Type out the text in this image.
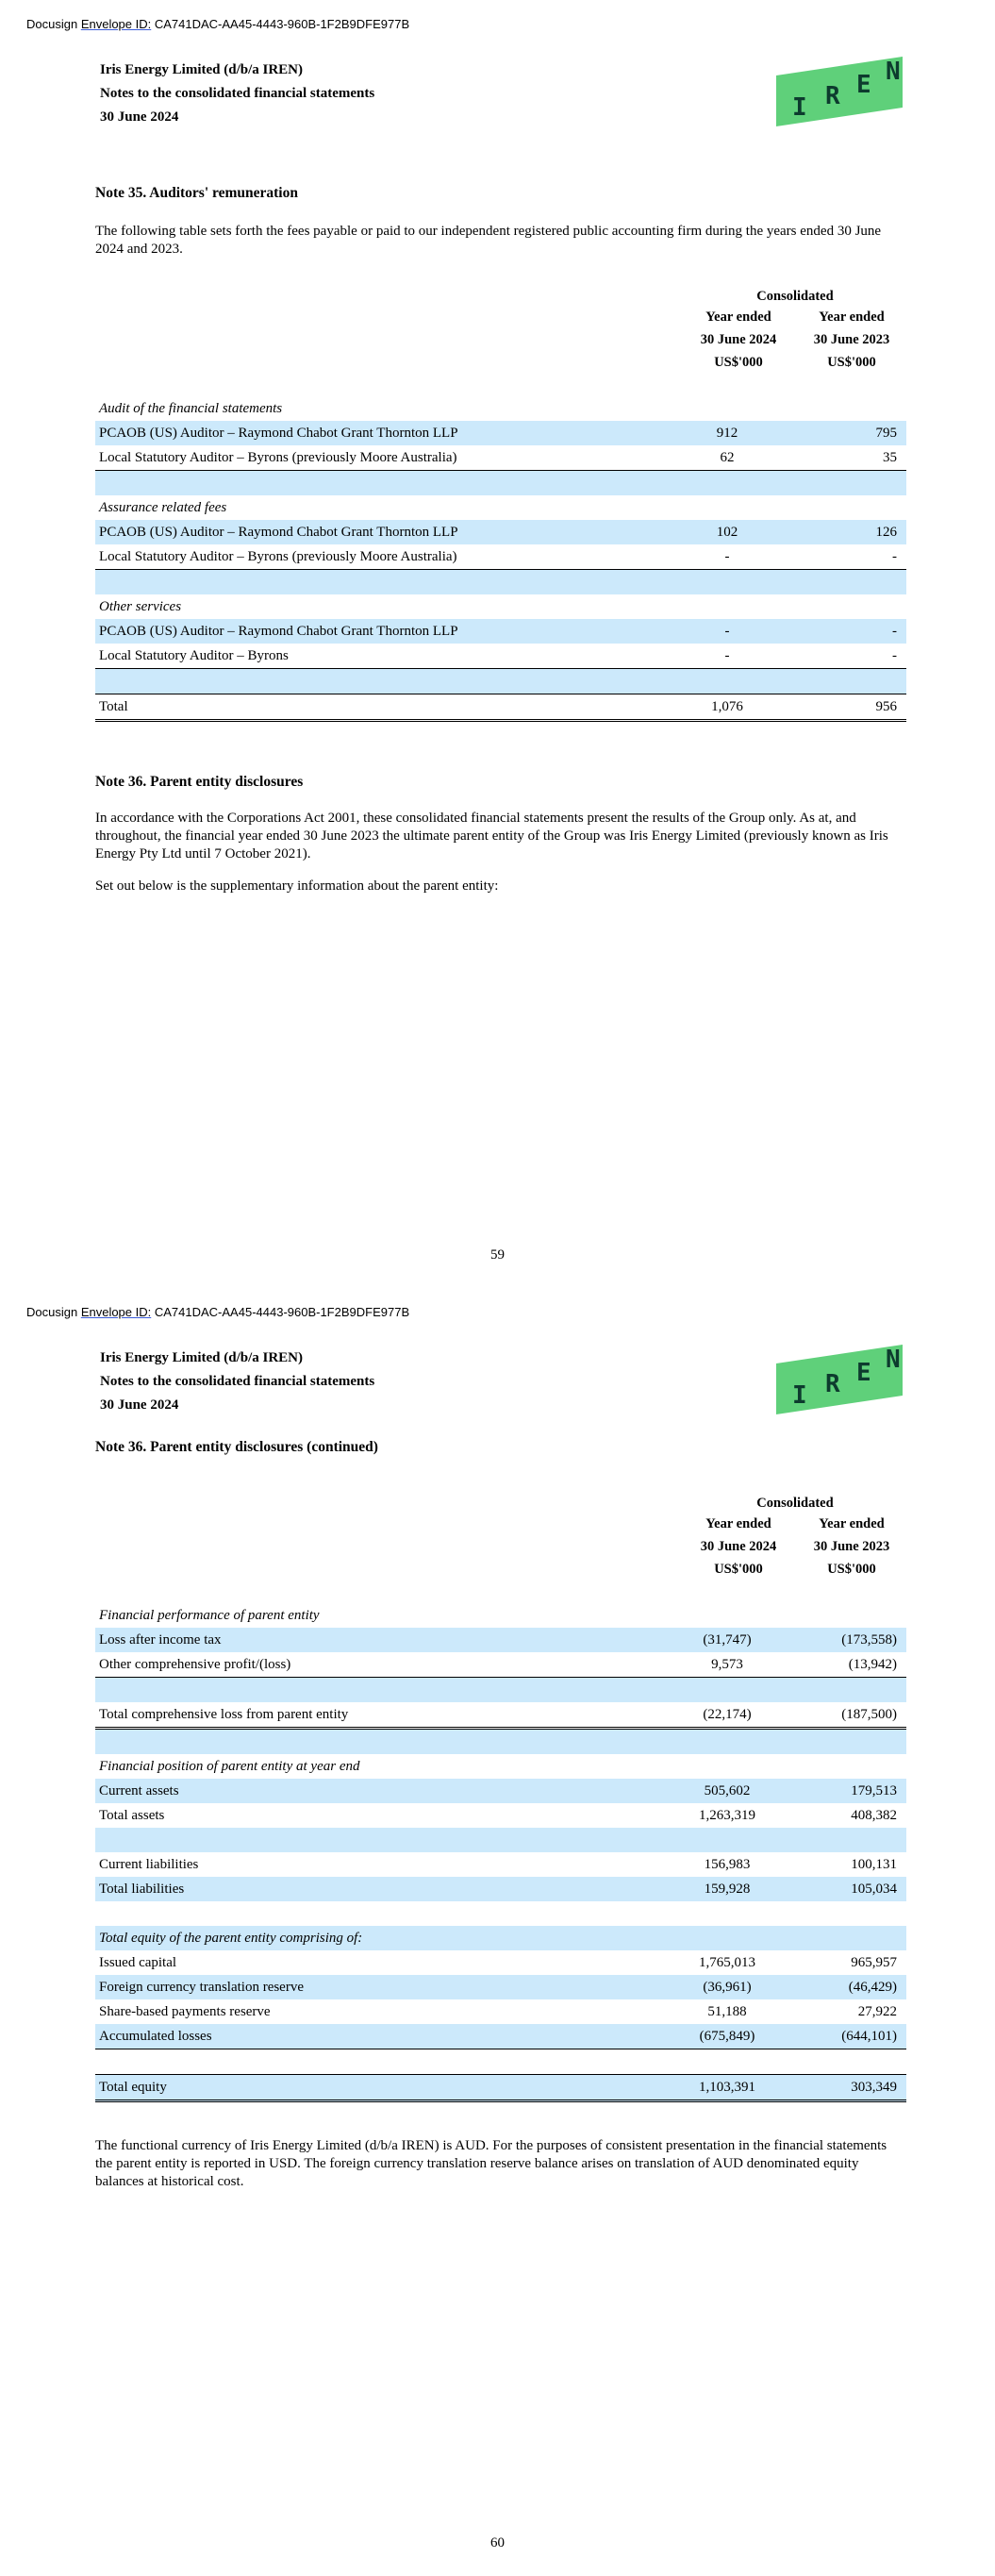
Docusign Envelope ID: CA741DAC-AA45-4443-960B-1F2B9DFE977B
Iris Energy Limited (d/b/a IREN)
Notes to the consolidated financial statements
30 June 2024	I R E N
Note 35. Auditors' remuneration
The following table sets forth the fees payable or paid to our independent registered public accounting firm during the years ended 30 June 2024 and 2023.
Consolidated
Year ended
30 June 2024
US$'000
Year ended
30 June 2023
US$'000
Audit of the financial statements
PCAOB (US) Auditor – Raymond Chabot Grant Thornton LLP	912	795
Local Statutory Auditor – Byrons (previously Moore Australia)	62	35
Assurance related fees
PCAOB (US) Auditor – Raymond Chabot Grant Thornton LLP	102	126
Local Statutory Auditor – Byrons (previously Moore Australia)	-	-
Other services
PCAOB (US) Auditor – Raymond Chabot Grant Thornton LLP	-	-
Local Statutory Auditor – Byrons	-	-
Total	1,076	956
Note 36. Parent entity disclosures
In accordance with the Corporations Act 2001, these consolidated financial statements present the results of the Group only. As at, and throughout, the financial year ended 30 June 2023 the ultimate parent entity of the Group was Iris Energy Limited (previously known as Iris Energy Pty Ltd until 7 October 2021).
Set out below is the supplementary information about the parent entity:
59
Docusign Envelope ID: CA741DAC-AA45-4443-960B-1F2B9DFE977B
Iris Energy Limited (d/b/a IREN)
Notes to the consolidated financial statements
30 June 2024	I R E N
Note 36. Parent entity disclosures (continued)
Consolidated
Year ended
30 June 2024
US$'000
Year ended
30 June 2023
US$'000
Financial performance of parent entity
Loss after income tax	(31,747)	(173,558)
Other comprehensive profit/(loss)	9,573	(13,942)
Total comprehensive loss from parent entity	(22,174)	(187,500)
Financial position of parent entity at year end
Current assets	505,602	179,513
Total assets	1,263,319	408,382
Current liabilities	156,983	100,131
Total liabilities	159,928	105,034
Total equity of the parent entity comprising of:
Issued capital	1,765,013	965,957
Foreign currency translation reserve	(36,961)	(46,429)
Share-based payments reserve	51,188	27,922
Accumulated losses	(675,849)	(644,101)
Total equity	1,103,391	303,349
The functional currency of Iris Energy Limited (d/b/a IREN) is AUD. For the purposes of consistent presentation in the financial statements the parent entity is reported in USD. The foreign currency translation reserve balance arises on translation of AUD denominated equity balances at historical cost.
60
